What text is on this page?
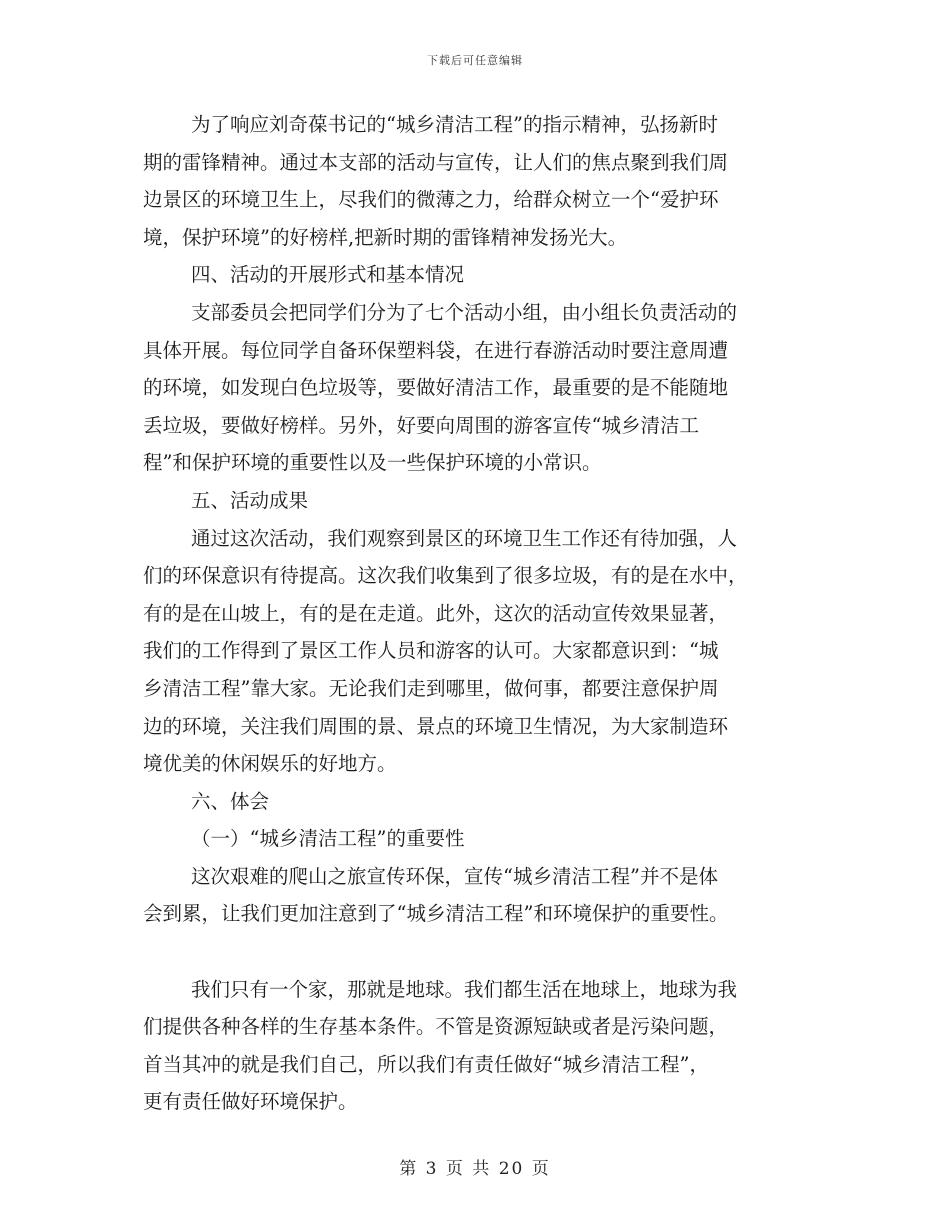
下载后可任意编辑

为了响应刘奇葆书记的“城乡清洁工程”的指示精神，弘扬新时

期的雷锋精神。通过本支部的活动与宣传，让人们的焦点聚到我们周

边景区的环境卫生上，尽我们的微薄之力，给群众树立一个“爱护环

境，保护环境”的好榜样,把新时期的雷锋精神发扬光大。

四、活动的开展形式和基本情况

支部委员会把同学们分为了七个活动小组，由小组长负责活动的

具体开展。每位同学自备环保塑料袋，在进行春游活动时要注意周遭

的环境，如发现白色垃圾等，要做好清洁工作，最重要的是不能随地

丢垃圾，要做好榜样。另外，好要向周围的游客宣传“城乡清洁工

程”和保护环境的重要性以及一些保护环境的小常识。

五、活动成果

通过这次活动，我们观察到景区的环境卫生工作还有待加强，人

们的环保意识有待提高。这次我们收集到了很多垃圾，有的是在水中，

有的是在山坡上，有的是在走道。此外，这次的活动宣传效果显著，

我们的工作得到了景区工作人员和游客的认可。大家都意识到：“城

乡清洁工程”靠大家。无论我们走到哪里，做何事，都要注意保护周

边的环境，关注我们周围的景、景点的环境卫生情况，为大家制造环

境优美的休闲娱乐的好地方。

六、体会

（一）“城乡清洁工程”的重要性

这次艰难的爬山之旅宣传环保，宣传“城乡清洁工程”并不是体

会到累，让我们更加注意到了“城乡清洁工程”和环境保护的重要性。

我们只有一个家，那就是地球。我们都生活在地球上，地球为我

们提供各种各样的生存基本条件。不管是资源短缺或者是污染问题，

首当其冲的就是我们自己，所以我们有责任做好“城乡清洁工程”，

更有责任做好环境保护。

第 3 页 共 20 页
